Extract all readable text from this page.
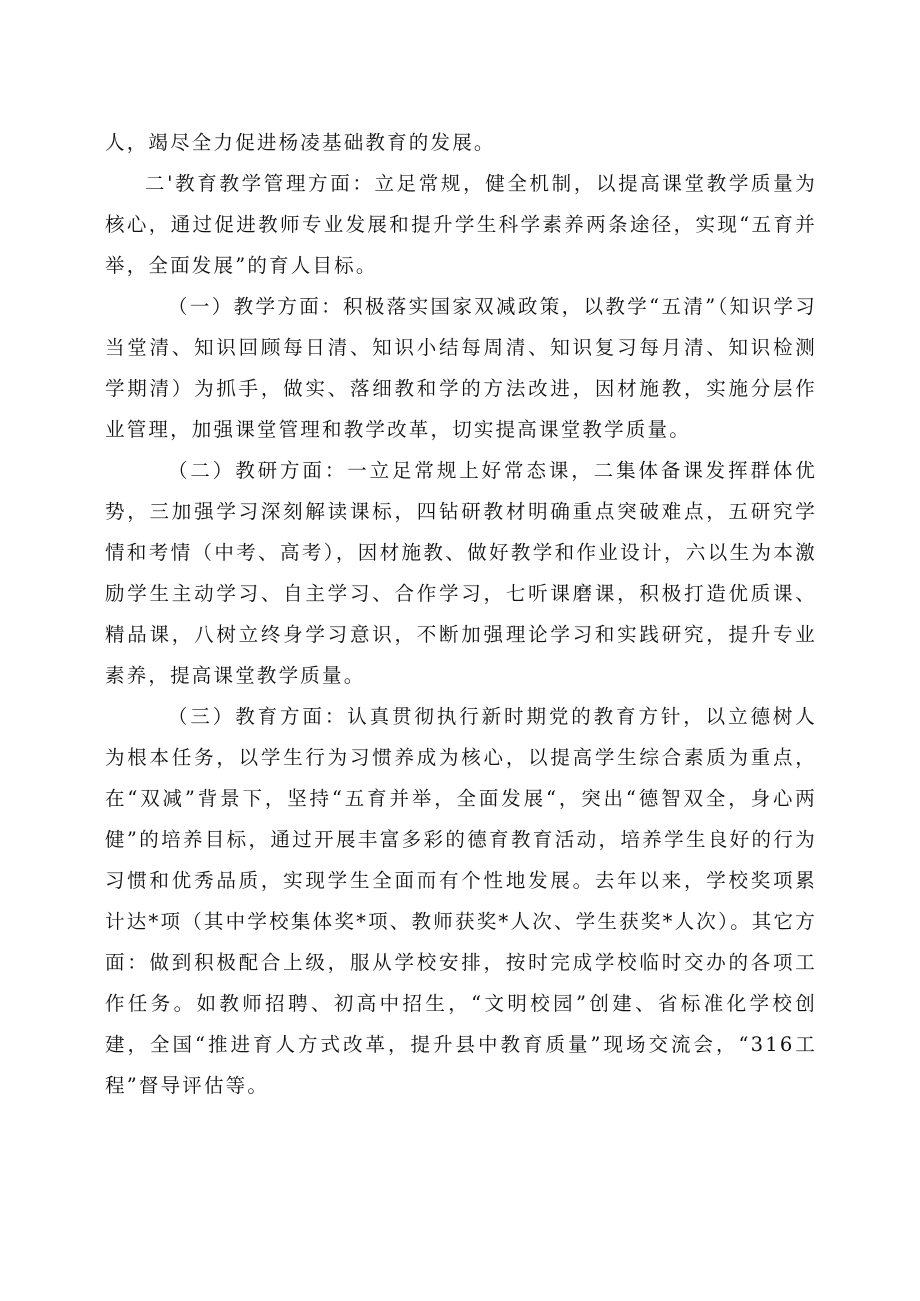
人，竭尽全力促进杨凌基础教育的发展。

二'教育教学管理方面：立足常规，健全机制，以提高课堂教学质量为核心，通过促进教师专业发展和提升学生科学素养两条途径，实现“五育并举，全面发展”的育人目标。

（一）教学方面：积极落实国家双减政策，以教学“五清”（知识学习当堂清、知识回顾每日清、知识小结每周清、知识复习每月清、知识检测学期清）为抓手，做实、落细教和学的方法改进，因材施教，实施分层作业管理，加强课堂管理和教学改革，切实提高课堂教学质量。

（二）教研方面：一立足常规上好常态课，二集体备课发挥群体优势，三加强学习深刻解读课标，四钻研教材明确重点突破难点，五研究学情和考情（中考、高考），因材施教、做好教学和作业设计，六以生为本激励学生主动学习、自主学习、合作学习，七听课磨课，积极打造优质课、精品课，八树立终身学习意识，不断加强理论学习和实践研究，提升专业素养，提高课堂教学质量。

（三）教育方面：认真贯彻执行新时期党的教育方针，以立德树人为根本任务，以学生行为习惯养成为核心，以提高学生综合素质为重点，在“双减”背景下，坚持“五育并举，全面发展“，突出“德智双全，身心两健”的培养目标，通过开展丰富多彩的德育教育活动，培养学生良好的行为习惯和优秀品质，实现学生全面而有个性地发展。去年以来，学校奖项累计达*项（其中学校集体奖*项、教师获奖*人次、学生获奖*人次）。其它方面：做到积极配合上级，服从学校安排，按时完成学校临时交办的各项工作任务。如教师招聘、初高中招生，“文明校园”创建、省标准化学校创建，全国“推进育人方式改革，提升县中教育质量”现场交流会，“316工程”督导评估等。
